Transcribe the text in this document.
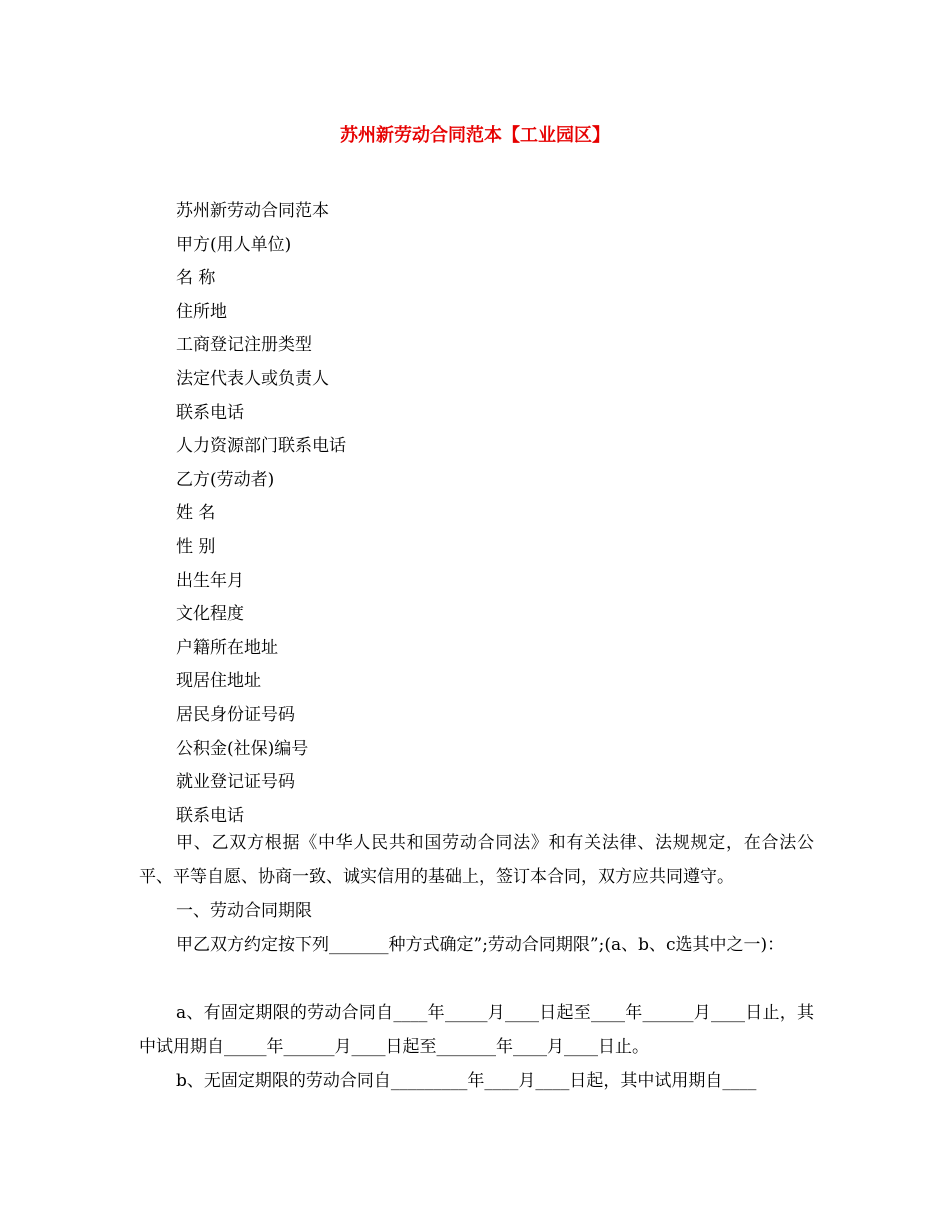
苏州新劳动合同范本【工业园区】
苏州新劳动合同范本
甲方(用人单位)
名 称
住所地
工商登记注册类型
法定代表人或负责人
联系电话
人力资源部门联系电话
乙方(劳动者)
姓 名
性 别
出生年月
文化程度
户籍所在地址
现居住地址
居民身份证号码
公积金(社保)编号
就业登记证号码
联系电话
甲、乙双方根据《中华人民共和国劳动合同法》和有关法律、法规规定，在合法公平、平等自愿、协商一致、诚实信用的基础上，签订本合同，双方应共同遵守。
一、劳动合同期限
甲乙双方约定按下列_______种方式确定”;劳动合同期限”;(a、b、c选其中之一)：
a、有固定期限的劳动合同自____年_____月____日起至____年______月____日止，其中试用期自_____年______月____日起至_______年____月____日止。
b、无固定期限的劳动合同自_________年____月____日起，其中试用期自____
